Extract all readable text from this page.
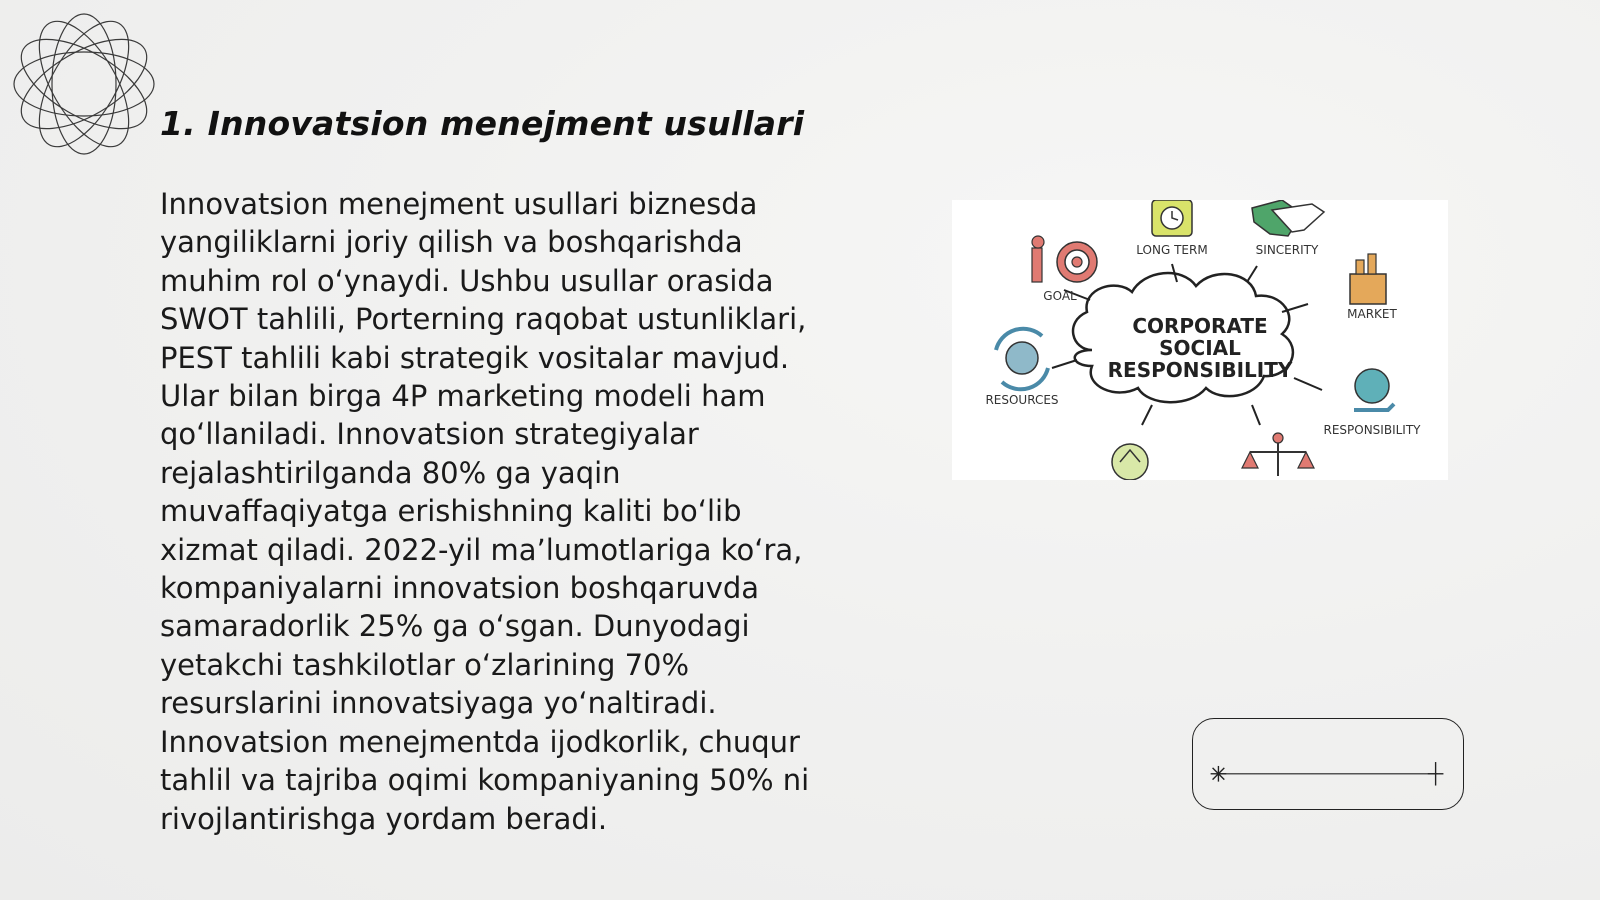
1. Innovatsion menejment usullari

Innovatsion menejment usullari biznesda yangiliklarni joriy qilish va boshqarishda muhim rol oʻynaydi. Ushbu usullar orasida SWOT tahlili, Porterning raqobat ustunliklari, PEST tahlili kabi strategik vositalar mavjud. Ular bilan birga 4P marketing modeli ham qoʻllaniladi. Innovatsion strategiyalar rejalashtirilganda 80% ga yaqin muvaffaqiyatga erishishning kaliti boʻlib xizmat qiladi. 2022-yil maʼlumotlariga koʻra, kompaniyalarni innovatsion boshqaruvda samaradorlik 25% ga oʻsgan. Dunyodagi yetakchi tashkilotlar oʻzlarining 70% resurslarini innovatsiyaga yoʻnaltiradi. Innovatsion menejmentda ijodkorlik, chuqur tahlil va tajriba oqimi kompaniyaning 50% ni rivojlantirishga yordam beradi.

CORPORATE
SOCIAL
RESPONSIBILITY
LONG TERM	SINCERITY
GOAL
MARKET
RESOURCES
RESPONSIBILITY
